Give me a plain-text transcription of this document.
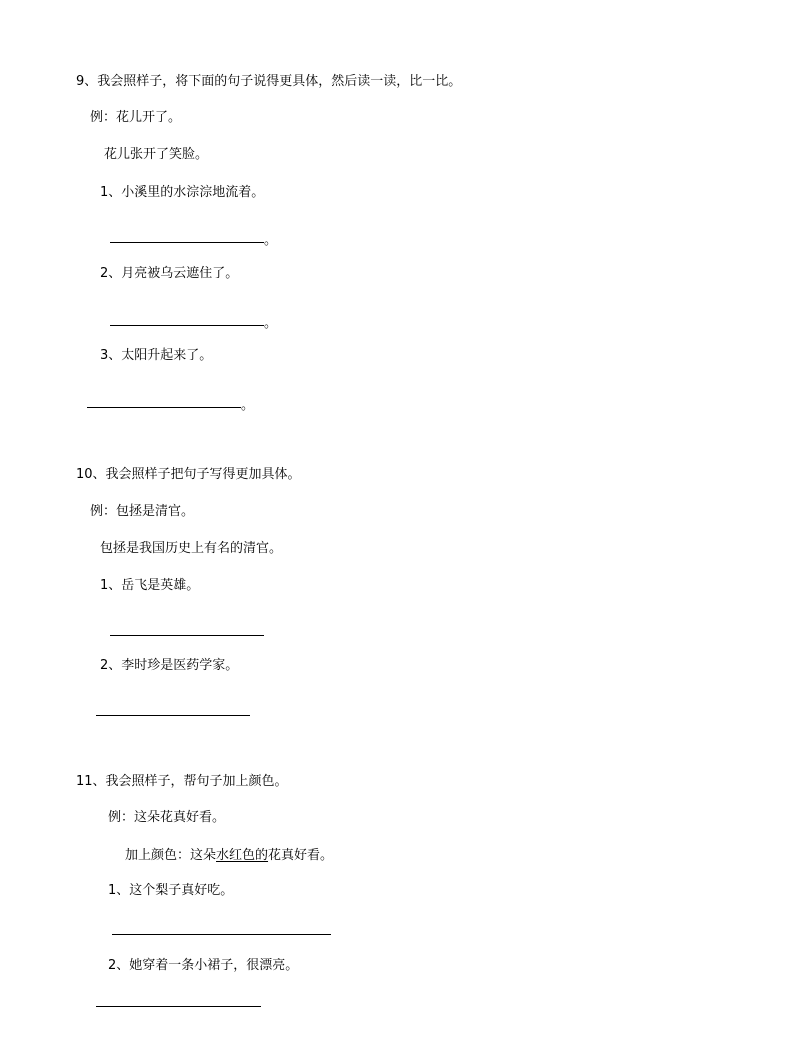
9、我会照样子，将下面的句子说得更具体，然后读一读，比一比。
例：花儿开了。
花儿张开了笑脸。
1、小溪里的水淙淙地流着。
。
2、月亮被乌云遮住了。
。
3、太阳升起来了。
。
10、我会照样子把句子写得更加具体。
例：包拯是清官。
包拯是我国历史上有名的清官。
1、岳飞是英雄。
2、李时珍是医药学家。
11、我会照样子，帮句子加上颜色。
例：这朵花真好看。
加上颜色：这朵水红色的花真好看。
1、这个梨子真好吃。
2、她穿着一条小裙子，很漂亮。
